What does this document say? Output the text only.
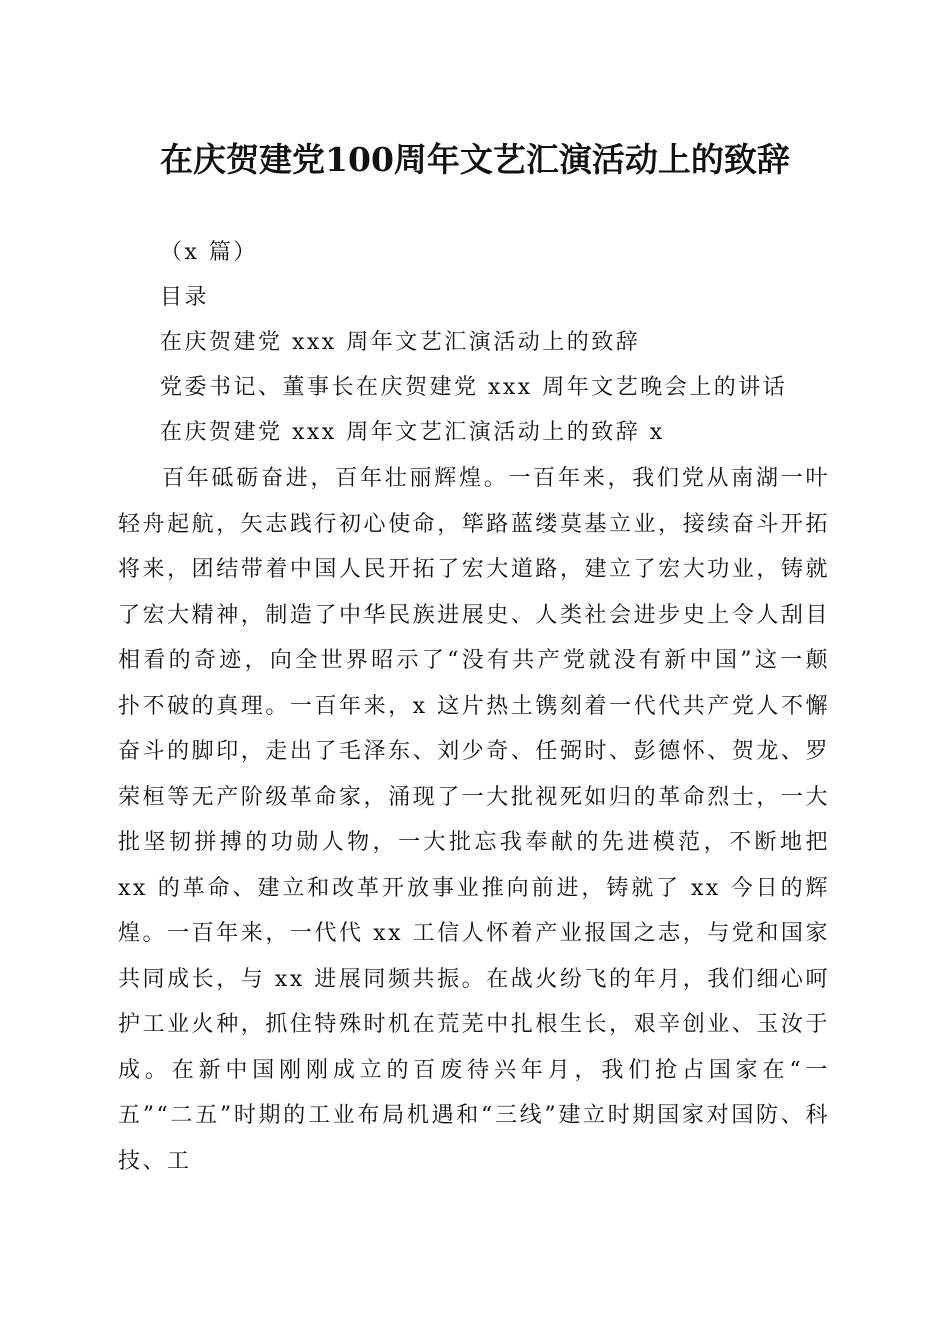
在庆贺建党100周年文艺汇演活动上的致辞
（x 篇）
目录
在庆贺建党 xxx 周年文艺汇演活动上的致辞
党委书记、董事长在庆贺建党 xxx 周年文艺晚会上的讲话
在庆贺建党 xxx 周年文艺汇演活动上的致辞 x

百年砥砺奋进，百年壮丽辉煌。一百年来，我们党从南湖一叶轻舟起航，矢志践行初心使命，筚路蓝缕莫基立业，接续奋斗开拓将来，团结带着中国人民开拓了宏大道路，建立了宏大功业，铸就了宏大精神，制造了中华民族进展史、人类社会进步史上令人刮目相看的奇迹，向全世界昭示了“没有共产党就没有新中国”这一颠扑不破的真理。一百年来，x 这片热土镌刻着一代代共产党人不懈奋斗的脚印，走出了毛泽东、刘少奇、任弼时、彭德怀、贺龙、罗荣桓等无产阶级革命家，涌现了一大批视死如归的革命烈士，一大批坚韧拼搏的功勋人物，一大批忘我奉献的先进模范，不断地把 xx 的革命、建立和改革开放事业推向前进，铸就了 xx 今日的辉煌。一百年来，一代代 xx 工信人怀着产业报国之志，与党和国家共同成长，与 xx 进展同频共振。在战火纷飞的年月，我们细心呵护工业火种，抓住特殊时机在荒芜中扎根生长，艰辛创业、玉汝于成。在新中国刚刚成立的百废待兴年月，我们抢占国家在“一五”“二五”时期的工业布局机遇和“三线”建立时期国家对国防、科技、工
